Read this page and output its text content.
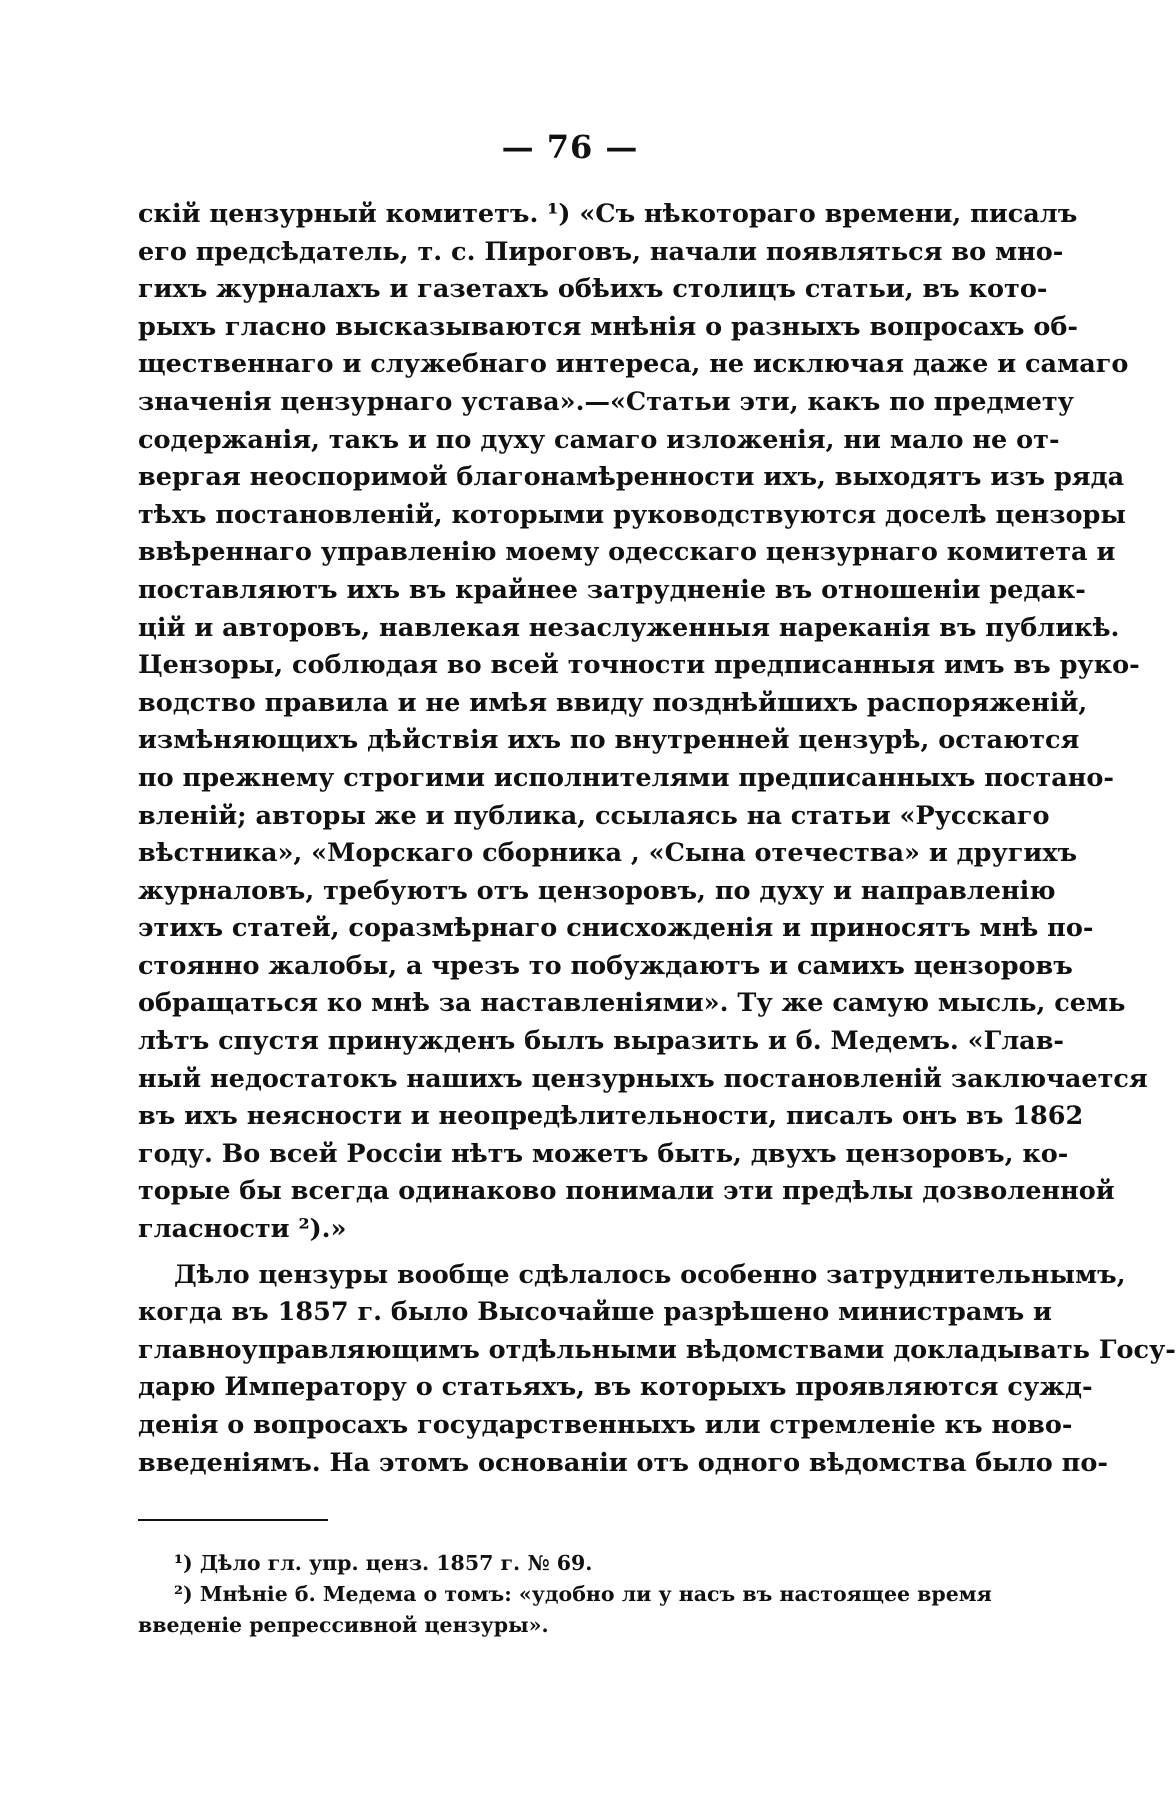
— 76 —
скій цензурный комитетъ. ¹) «Съ нѣкотораго времени, писалъ
его предсѣдатель, т. с. Пироговъ, начали появляться во мно-
гихъ журналахъ и газетахъ обѣихъ столицъ статьи, въ кото-
рыхъ гласно высказываются мнѣнія о разныхъ вопросахъ об-
щественнаго и служебнаго интереса, не исключая даже и самаго
значенія цензурнаго устава».—«Статьи эти, какъ по предмету
содержанія, такъ и по духу самаго изложенія, ни мало не от-
вергая неоспоримой благонамѣренности ихъ, выходятъ изъ ряда
тѣхъ постановленій, которыми руководствуются доселѣ цензоры
ввѣреннаго управленію моему одесскаго цензурнаго комитета и
поставляютъ ихъ въ крайнее затрудненіе въ отношеніи редак-
цій и авторовъ, навлекая незаслуженныя нареканія въ публикѣ.
Цензоры, соблюдая во всей точности предписанныя имъ въ руко-
водство правила и не имѣя ввиду позднѣйшихъ распоряженій,
измѣняющихъ дѣйствія ихъ по внутренней цензурѣ, остаются
по прежнему строгими исполнителями предписанныхъ постано-
вленій; авторы же и публика, ссылаясь на статьи «Русскаго
вѣстника», «Морскаго сборника , «Сына отечества» и другихъ
журналовъ, требуютъ отъ цензоровъ, по духу и направленію
этихъ статей, соразмѣрнаго снисхожденія и приносятъ мнѣ по-
стоянно жалобы, а чрезъ то побуждаютъ и самихъ цензоровъ
обращаться ко мнѣ за наставленіями». Ту же самую мысль, семь
лѣтъ спустя принужденъ былъ выразить и б. Медемъ. «Глав-
ный недостатокъ нашихъ цензурныхъ постановленій заключается
въ ихъ неясности и неопредѣлительности, писалъ онъ въ 1862
году. Во всей Россіи нѣтъ можетъ быть, двухъ цензоровъ, ко-
торые бы всегда одинаково понимали эти предѣлы дозволенной
гласности ²).»
Дѣло цензуры вообще сдѣлалось особенно затруднительнымъ,
когда въ 1857 г. было Высочайше разрѣшено министрамъ и
главноуправляющимъ отдѣльными вѣдомствами докладывать Госу-
дарю Императору о статьяхъ, въ которыхъ проявляются сужд-
денія о вопросахъ государственныхъ или стремленіе къ ново-
введеніямъ. На этомъ основаніи отъ одного вѣдомства было по-
¹) Дѣло гл. упр. ценз. 1857 г. № 69.
²) Мнѣніе б. Медема о томъ: «удобно ли у насъ въ настоящее время
введеніе репрессивной цензуры».
